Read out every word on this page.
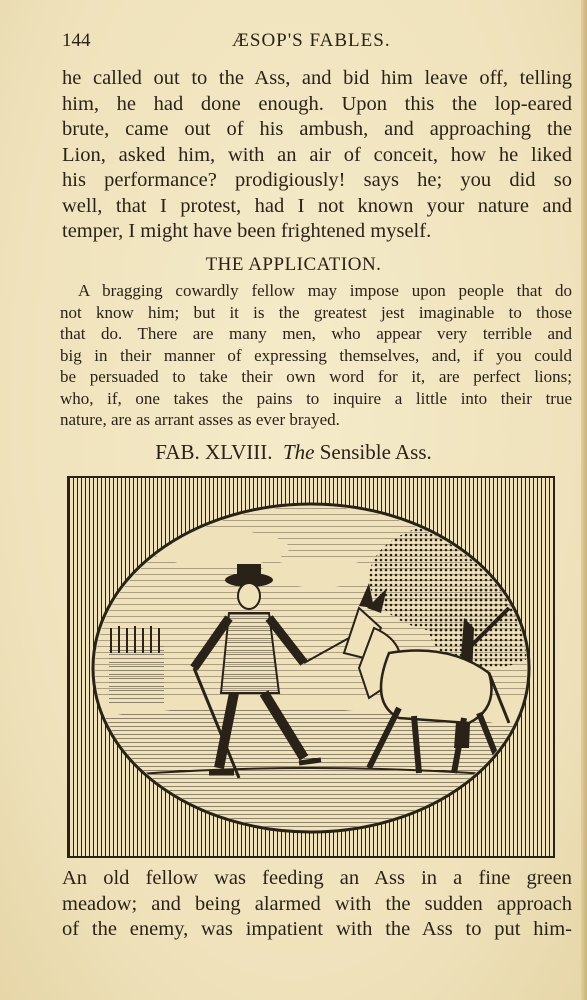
144	ÆSOP'S FABLES.
he called out to the Ass, and bid him leave off, telling
him, he had done enough. Upon this the lop-eared
brute, came out of his ambush, and approaching the
Lion, asked him, with an air of conceit, how he liked
his performance? prodigiously! says he; you did so
well, that I protest, had I not known your nature and
temper, I might have been frightened myself.
THE APPLICATION.
A bragging cowardly fellow may impose upon people that do
not know him; but it is the greatest jest imaginable to those
that do. There are many men, who appear very terrible and
big in their manner of expressing themselves, and, if you could
be persuaded to take their own word for it, are perfect lions;
who, if, one takes the pains to inquire a little into their true
nature, are as arrant asses as ever brayed.
FAB. XLVIII. The Sensible Ass.
An old fellow was feeding an Ass in a fine green
meadow; and being alarmed with the sudden approach
of the enemy, was impatient with the Ass to put him-
